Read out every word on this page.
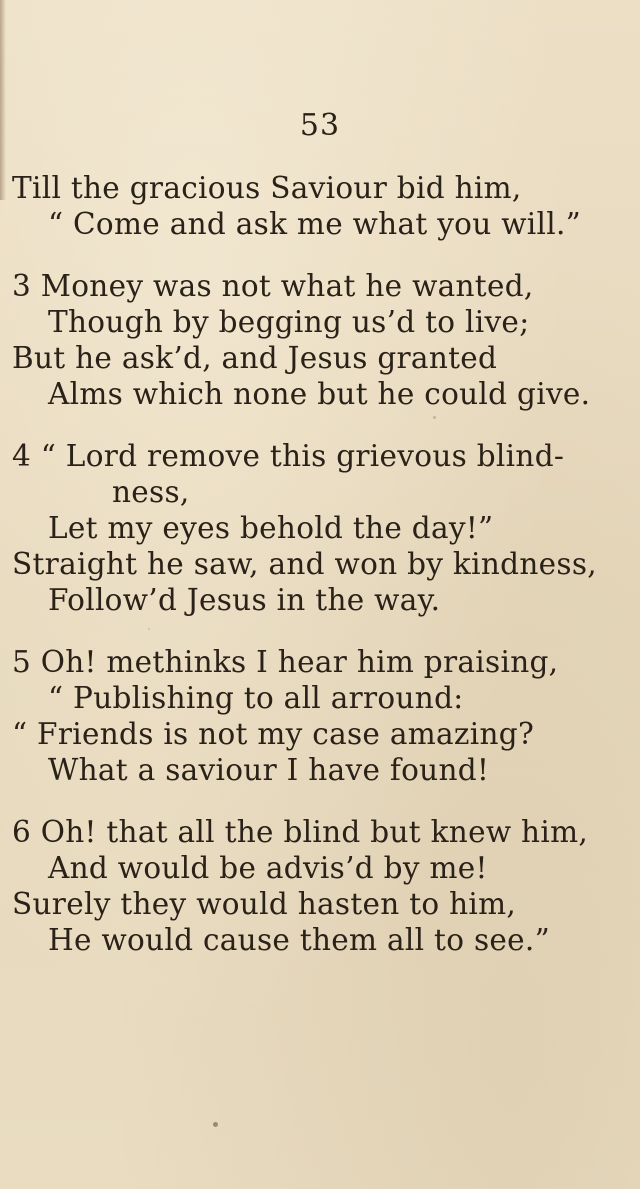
53
Till the gracious Saviour bid him,
“ Come and ask me what you will.”
3 Money was not what he wanted,
Though by begging us’d to live;
But he ask’d, and Jesus granted
Alms which none but he could give.
4 “ Lord remove this grievous blind-
ness,
Let my eyes behold the day!”
Straight he saw, and won by kindness,
Follow’d Jesus in the way.
5 Oh! methinks I hear him praising,
“ Publishing to all arround:
“ Friends is not my case amazing?
What a saviour I have found!
6 Oh! that all the blind but knew him,
And would be advis’d by me!
Surely they would hasten to him,
He would cause them all to see.”
